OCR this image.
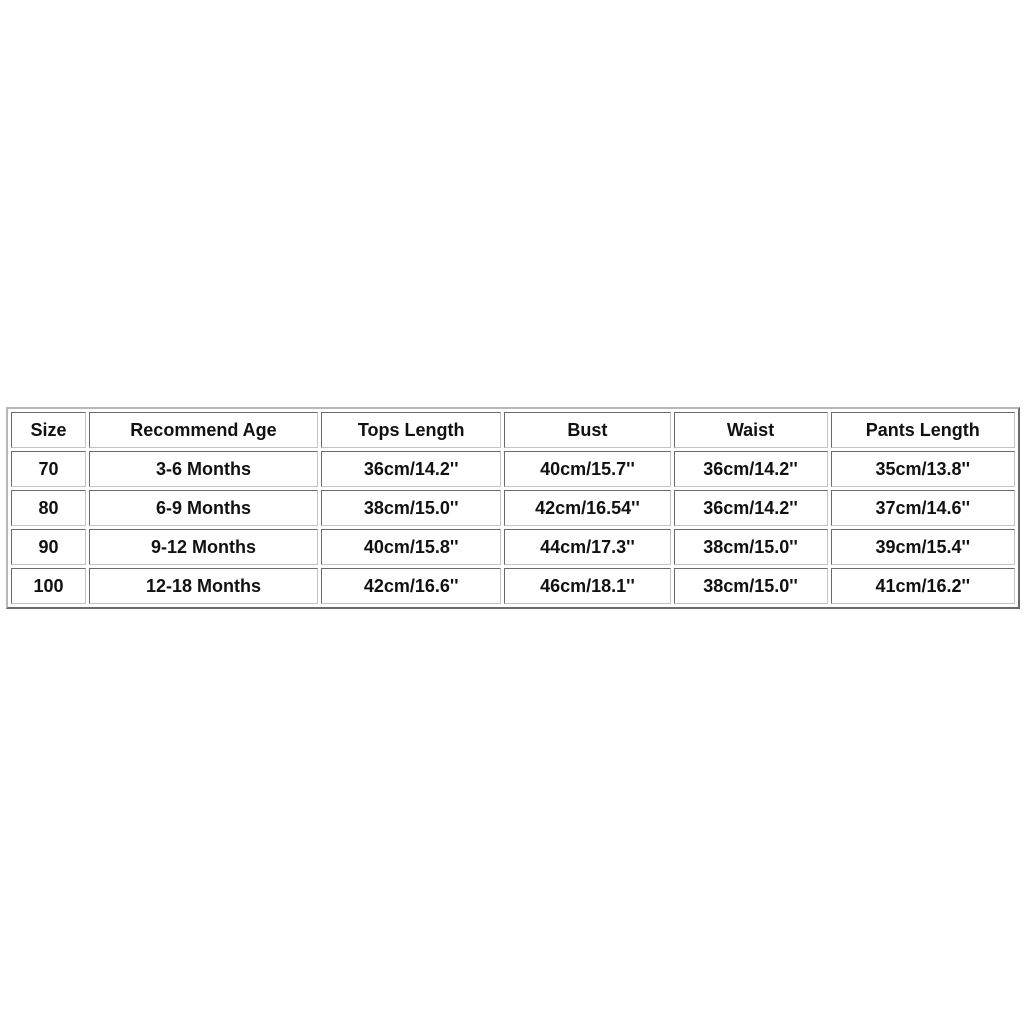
Size	Recommend Age	Tops Length	Bust	Waist	Pants Length
70	3-6 Months	36cm/14.2''	40cm/15.7''	36cm/14.2''	35cm/13.8''
80	6-9 Months	38cm/15.0''	42cm/16.54''	36cm/14.2''	37cm/14.6''
90	9-12 Months	40cm/15.8''	44cm/17.3''	38cm/15.0''	39cm/15.4''
100	12-18 Months	42cm/16.6''	46cm/18.1''	38cm/15.0''	41cm/16.2''
